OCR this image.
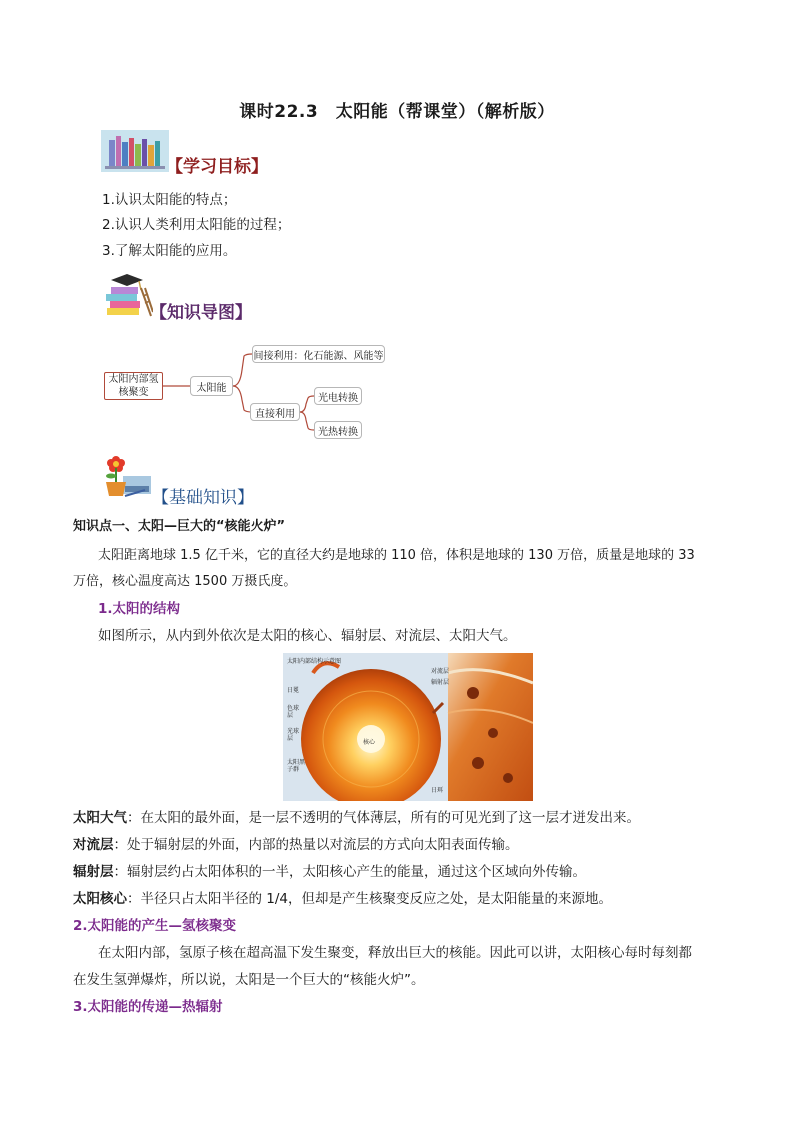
课时22.3　太阳能（帮课堂）（解析版）
【学习目标】
1.认识太阳能的特点；
2.认识人类利用太阳能的过程；
3.了解太阳能的应用。
【知识导图】
太阳内部氢
核聚变	太阳能
间接利用：化石能源、风能等
直接利用
光电转换
光热转换
【基础知识】
知识点一、太阳—巨大的“核能火炉”
太阳距离地球 1.5 亿千米，它的直径大约是地球的 110 倍，体积是地球的 130 万倍，质量是地球的 33
万倍，核心温度高达 1500 万摄氏度。
1.太阳的结构
如图所示，从内到外依次是太阳的核心、辐射层、对流层、太阳大气。
太阳内部结构示意图
日冕
色球层
光球层
太阳黑子群
对流层
辐射层
核心
日珥
太阳大气：在太阳的最外面，是一层不透明的气体薄层，所有的可见光到了这一层才迸发出来。
对流层：处于辐射层的外面，内部的热量以对流层的方式向太阳表面传输。
辐射层：辐射层约占太阳体积的一半，太阳核心产生的能量，通过这个区域向外传输。
太阳核心：半径只占太阳半径的 1/4，但却是产生核聚变反应之处，是太阳能量的来源地。
2.太阳能的产生—氢核聚变
在太阳内部，氢原子核在超高温下发生聚变，释放出巨大的核能。因此可以讲，太阳核心每时每刻都
在发生氢弹爆炸，所以说，太阳是一个巨大的“核能火炉”。
3.太阳能的传递—热辐射
